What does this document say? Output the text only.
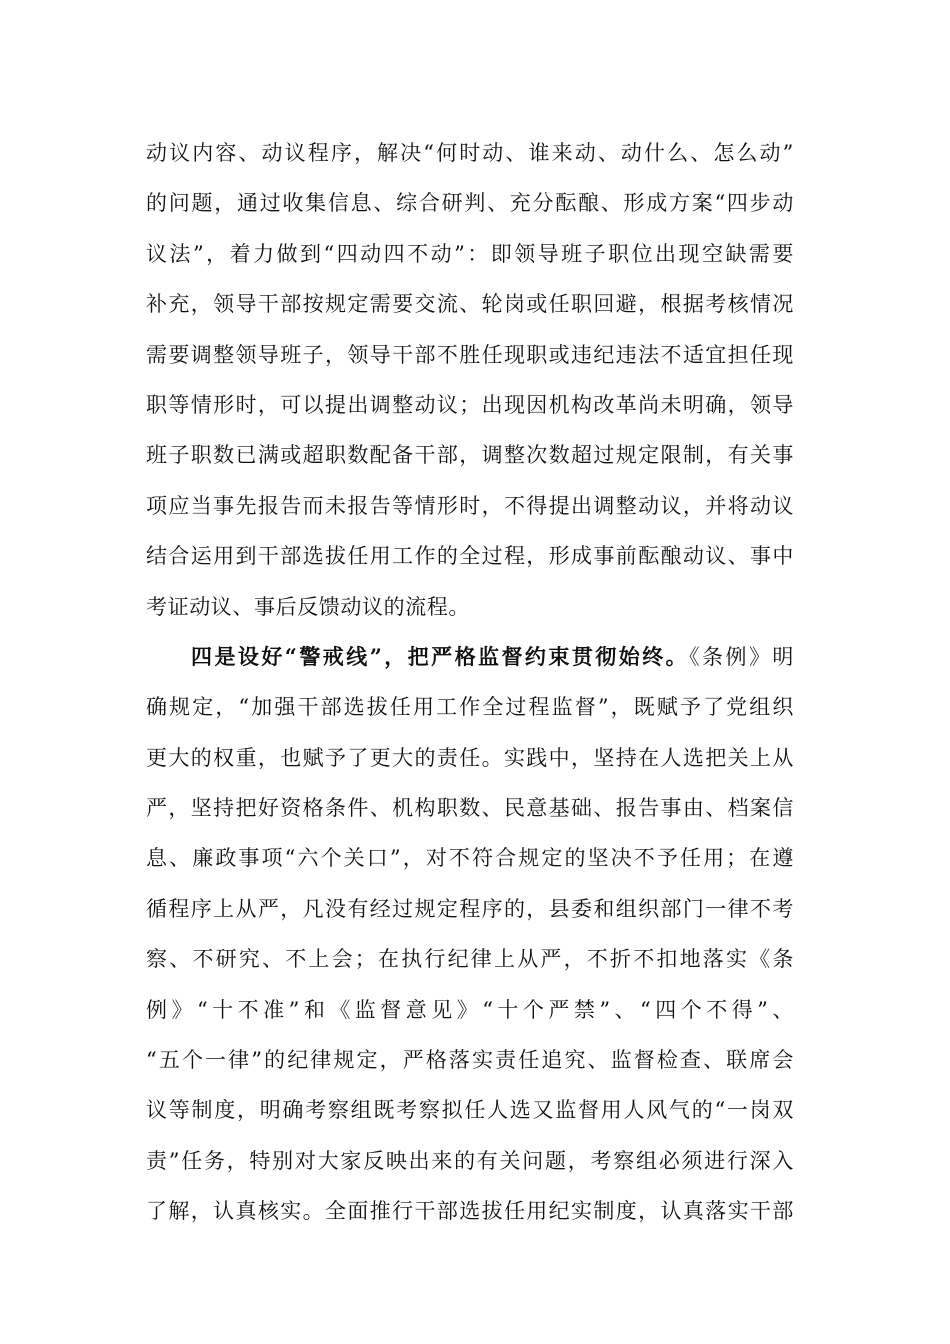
动议内容、动议程序，解决“何时动、谁来动、动什么、怎么动”
的问题，通过收集信息、综合研判、充分酝酿、形成方案“四步动
议法”，着力做到“四动四不动”：即领导班子职位出现空缺需要
补充，领导干部按规定需要交流、轮岗或任职回避，根据考核情况
需要调整领导班子，领导干部不胜任现职或违纪违法不适宜担任现
职等情形时，可以提出调整动议；出现因机构改革尚未明确，领导
班子职数已满或超职数配备干部，调整次数超过规定限制，有关事
项应当事先报告而未报告等情形时，不得提出调整动议，并将动议
结合运用到干部选拔任用工作的全过程，形成事前酝酿动议、事中
考证动议、事后反馈动议的流程。
四是设好“警戒线”，把严格监督约束贯彻始终。《条例》明
确规定，“加强干部选拔任用工作全过程监督”，既赋予了党组织
更大的权重，也赋予了更大的责任。实践中，坚持在人选把关上从
严，坚持把好资格条件、机构职数、民意基础、报告事由、档案信
息、廉政事项“六个关口”，对不符合规定的坚决不予任用；在遵
循程序上从严，凡没有经过规定程序的，县委和组织部门一律不考
察、不研究、不上会；在执行纪律上从严，不折不扣地落实《条
例》“十不准”和《监督意见》“十个严禁”、“四个不得”、
“五个一律”的纪律规定，严格落实责任追究、监督检查、联席会
议等制度，明确考察组既考察拟任人选又监督用人风气的“一岗双
责”任务，特别对大家反映出来的有关问题，考察组必须进行深入
了解，认真核实。全面推行干部选拔任用纪实制度，认真落实干部
